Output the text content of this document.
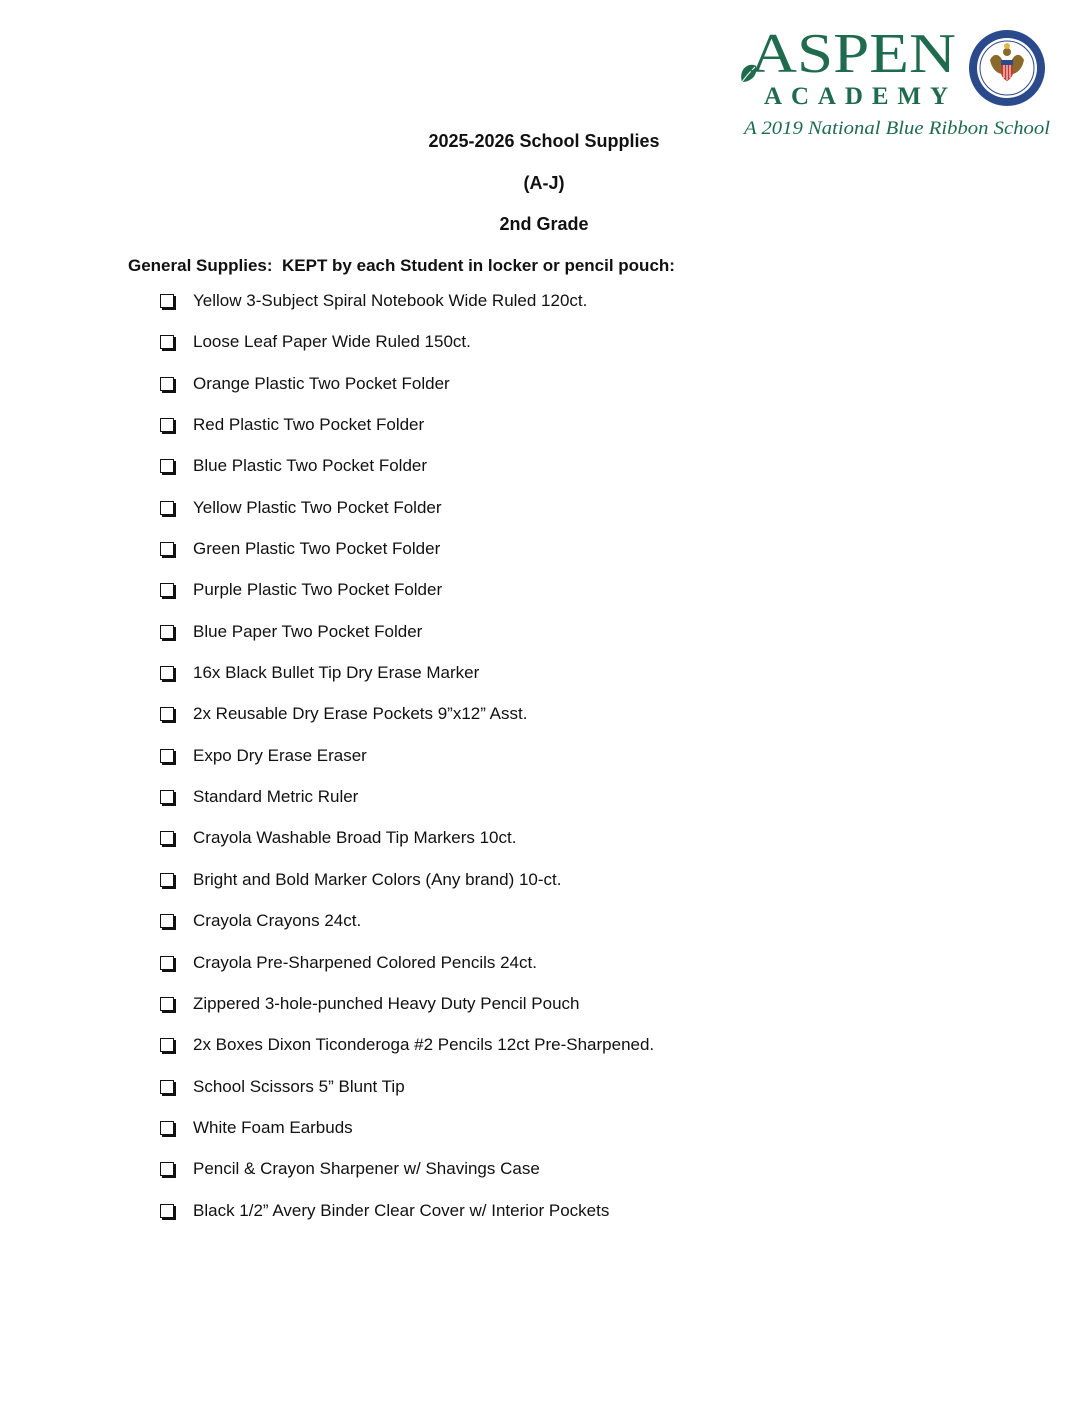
ASPEN
ACADEMY
A 2019 National Blue Ribbon School
2025-2026 School Supplies
(A-J)
2nd Grade
General Supplies:  KEPT by each Student in locker or pencil pouch:
Yellow 3-Subject Spiral Notebook Wide Ruled 120ct.
Loose Leaf Paper Wide Ruled 150ct.
Orange Plastic Two Pocket Folder
Red Plastic Two Pocket Folder
Blue Plastic Two Pocket Folder
Yellow Plastic Two Pocket Folder
Green Plastic Two Pocket Folder
Purple Plastic Two Pocket Folder
Blue Paper Two Pocket Folder
16x Black Bullet Tip Dry Erase Marker
2x Reusable Dry Erase Pockets 9”x12” Asst.
Expo Dry Erase Eraser
Standard Metric Ruler
Crayola Washable Broad Tip Markers 10ct.
Bright and Bold Marker Colors (Any brand) 10-ct.
Crayola Crayons 24ct.
Crayola Pre-Sharpened Colored Pencils 24ct.
Zippered 3-hole-punched Heavy Duty Pencil Pouch
2x Boxes Dixon Ticonderoga #2 Pencils 12ct Pre-Sharpened.
School Scissors 5” Blunt Tip
White Foam Earbuds
Pencil & Crayon Sharpener w/ Shavings Case
Black 1/2” Avery Binder Clear Cover w/ Interior Pockets
